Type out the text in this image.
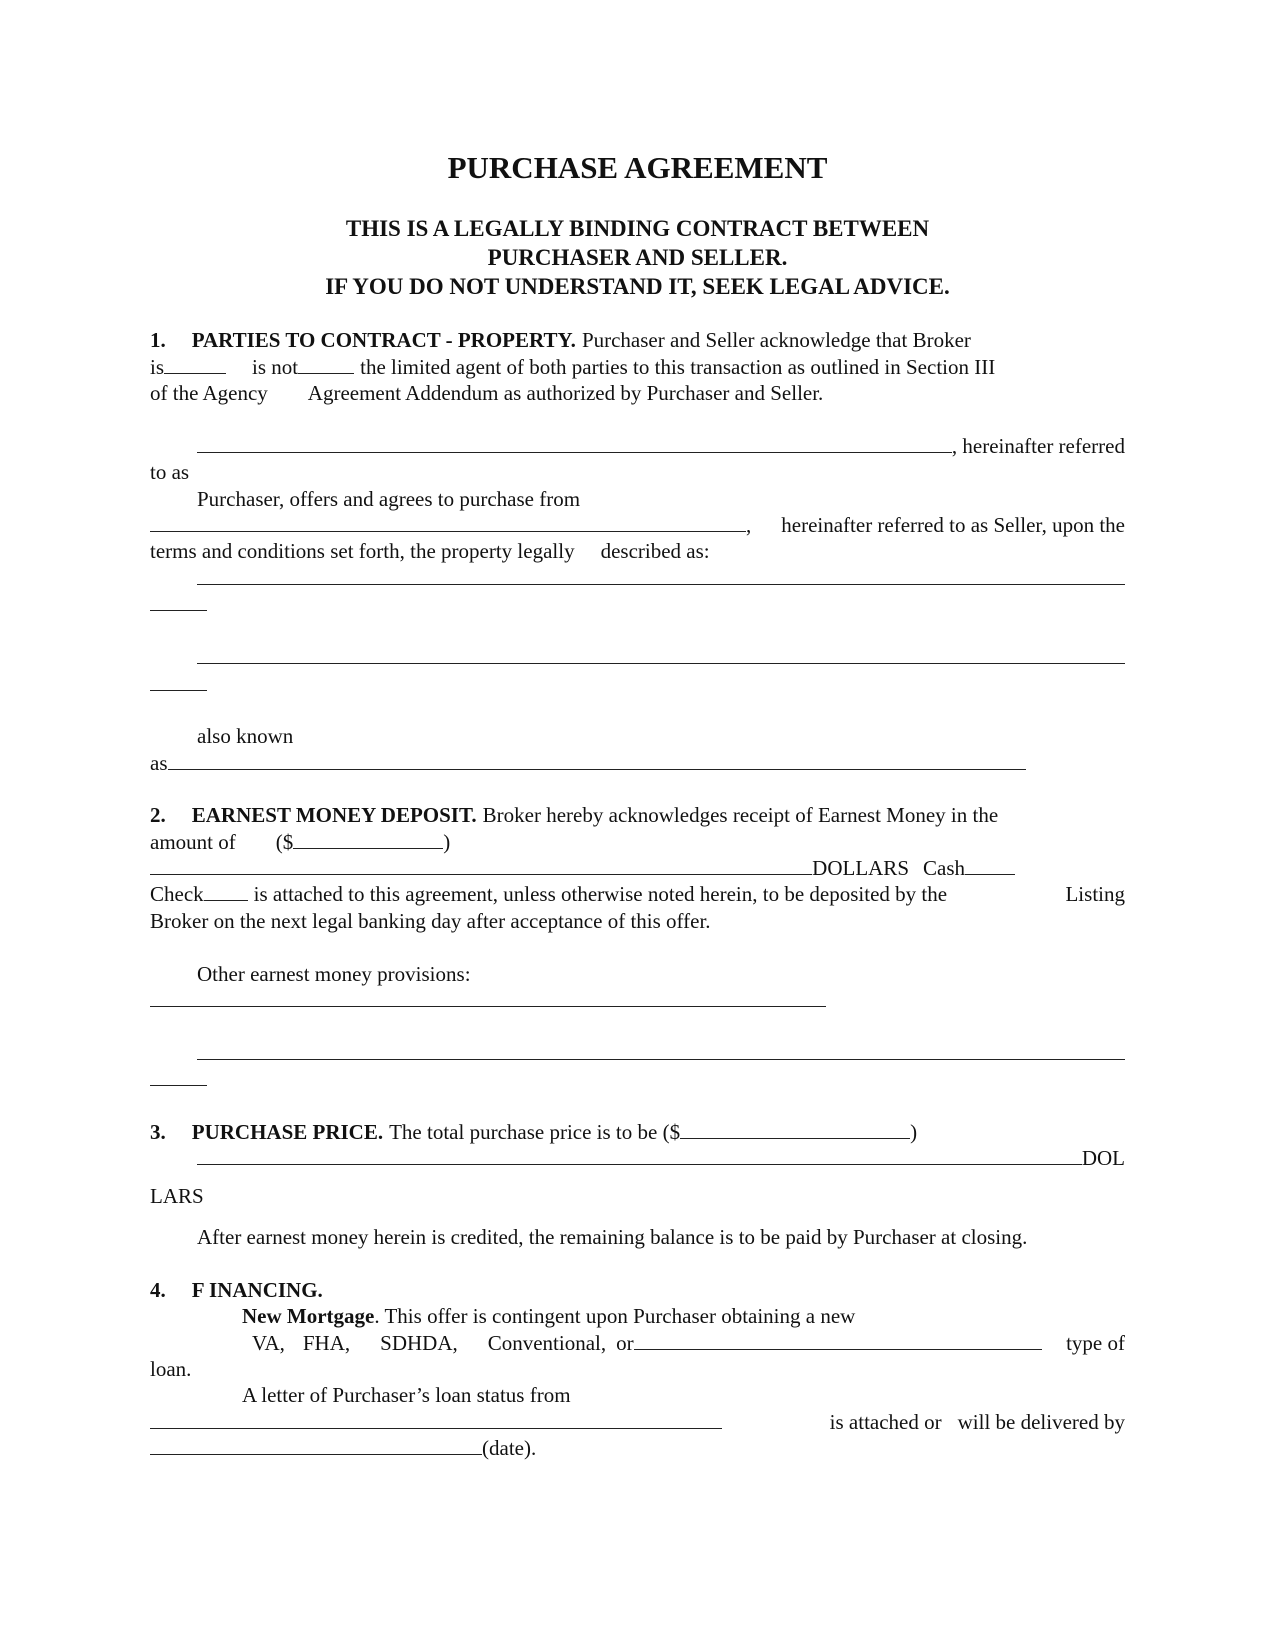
PURCHASE AGREEMENT
THIS IS A LEGALLY BINDING CONTRACT BETWEEN
PURCHASER AND SELLER.
IF YOU DO NOT UNDERSTAND IT, SEEK LEGAL ADVICE.
1. PARTIES TO CONTRACT - PROPERTY. Purchaser and Seller acknowledge that Broker
is	is not	the limited agent of both parties to this transaction as outlined in Section III
of the Agency Agreement Addendum as authorized by Purchaser and Seller.
, hereinafter referred
to as
Purchaser, offers and agrees to purchase from
, hereinafter referred to as Seller, upon the
terms and conditions set forth, the property legally described as:
also known
as
2. EARNEST MONEY DEPOSIT. Broker hereby acknowledges receipt of Earnest Money in the
amount of ($	)
DOLLARS Cash
Check is attached to this agreement, unless otherwise noted herein, to be deposited by the	Listing
Broker on the next legal banking day after acceptance of this offer.
Other earnest money provisions:
3. PURCHASE PRICE. The total purchase price is to be ($	)
DOL
LARS
After earnest money herein is credited, the remaining balance is to be paid by Purchaser at closing.
4. F INANCING.
New Mortgage . This offer is contingent upon Purchaser obtaining a new
VA, FHA, SDHDA, Conventional, or	type of
loan.
A letter of Purchaser’s loan status from
is attached or will be delivered by
(date).
